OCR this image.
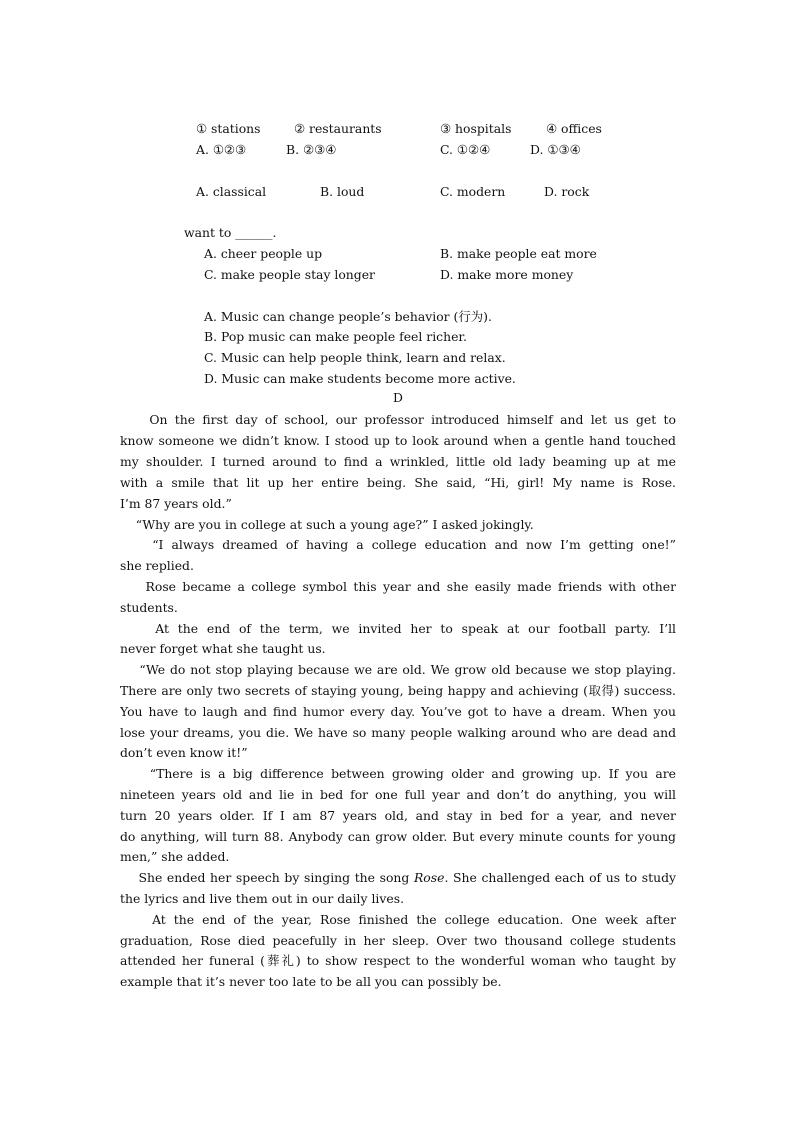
① stations

	② restaurants

	③ hospitals

	④ offices

A. ①②③

	B. ②③④

	C. ①②④

	D. ①③④

A. classical

	B. loud

	C. modern

	D. rock

want to ______.

A. cheer people up

	B. make people eat more

C. make people stay longer

	D. make more money

A. Music can change people’s behavior (行为).

B. Pop music can make people feel richer.

C. Music can help people think, learn and relax.

D. Music can make students become more active.

D
On the first day of school, our professor introduced himself and let us get to
know someone we didn’t know. I stood up to look around when a gentle hand touched
my shoulder. I turned around to find a wrinkled, little old lady beaming up at me
with a smile that lit up her entire being. She said, “Hi, girl! My name is Rose.
I’m 87 years old.”
“Why are you in college at such a young age?” I asked jokingly.
“I always dreamed of having a college education and now I’m getting one!”
she replied.
Rose became a college symbol this year and she easily made friends with other
students.
At the end of the term, we invited her to speak at our football party. I’ll
never forget what she taught us.
“We do not stop playing because we are old. We grow old because we stop playing.
There are only two secrets of staying young, being happy and achieving (取得) success.
You have to laugh and find humor every day. You’ve got to have a dream. When you
lose your dreams, you die. We have so many people walking around who are dead and
don’t even know it!”
“There is a big difference between growing older and growing up. If you are
nineteen years old and lie in bed for one full year and don’t do anything, you will
turn 20 years older. If I am 87 years old, and stay in bed for a year, and never
do anything, will turn 88. Anybody can grow older. But every minute counts for young
men,” she added.
She ended her speech by singing the song Rose. She challenged each of us to study
the lyrics and live them out in our daily lives.
At the end of the year, Rose finished the college education. One week after
graduation, Rose died peacefully in her sleep. Over two thousand college students
attended her funeral (葬礼) to show respect to the wonderful woman who taught by
example that it’s never too late to be all you can possibly be.
